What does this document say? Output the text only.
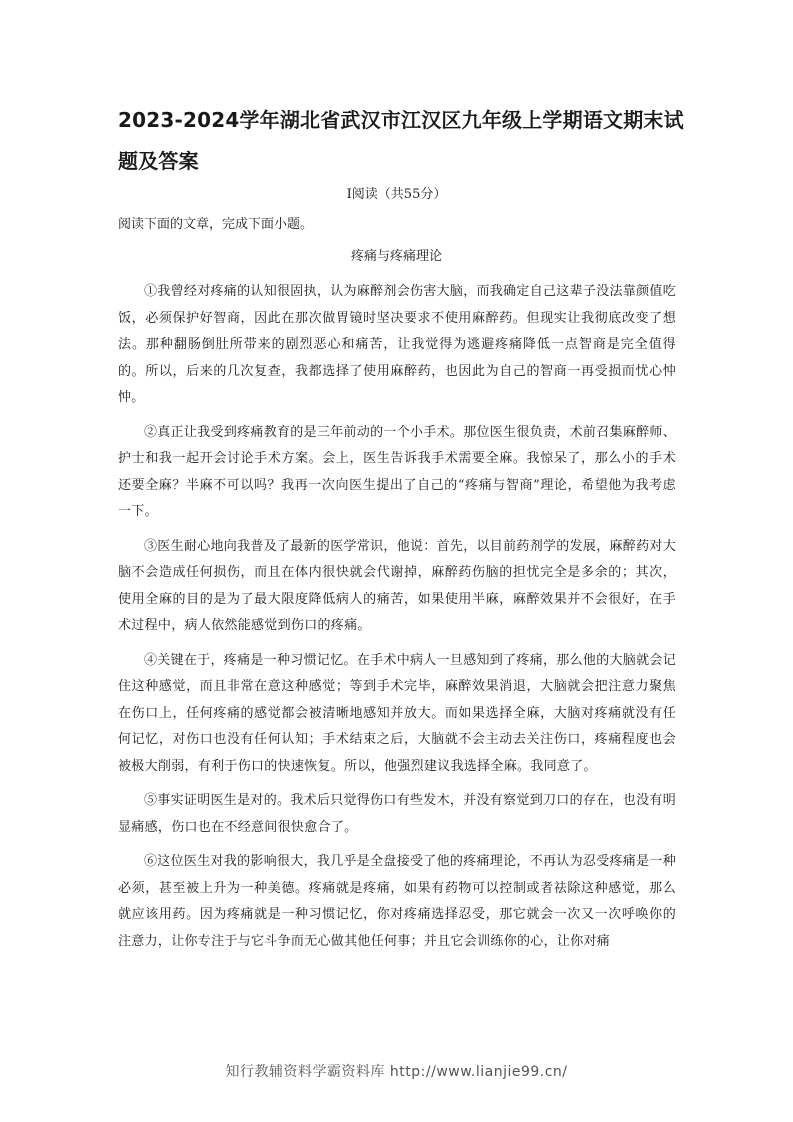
2023-2024学年湖北省武汉市江汉区九年级上学期语文期末试题及答案
I阅读（共55分）

阅读下面的文章，完成下面小题。

疼痛与疼痛理论

①我曾经对疼痛的认知很固执，认为麻醉剂会伤害大脑，而我确定自己这辈子没法靠颜值吃饭，必须保护好智商，因此在那次做胃镜时坚决要求不使用麻醉药。但现实让我彻底改变了想法。那种翻肠倒肚所带来的剧烈恶心和痛苦，让我觉得为逃避疼痛降低一点智商是完全值得的。所以，后来的几次复查，我都选择了使用麻醉药，也因此为自己的智商一再受损而忧心忡忡。

②真正让我受到疼痛教育的是三年前动的一个小手术。那位医生很负责，术前召集麻醉师、护士和我一起开会讨论手术方案。会上，医生告诉我手术需要全麻。我惊呆了，那么小的手术还要全麻？半麻不可以吗？我再一次向医生提出了自己的“疼痛与智商”理论，希望他为我考虑一下。

③医生耐心地向我普及了最新的医学常识，他说：首先，以目前药剂学的发展，麻醉药对大脑不会造成任何损伤，而且在体内很快就会代谢掉，麻醉药伤脑的担忧完全是多余的；其次，使用全麻的目的是为了最大限度降低病人的痛苦，如果使用半麻，麻醉效果并不会很好，在手术过程中，病人依然能感觉到伤口的疼痛。

④关键在于，疼痛是一种习惯记忆。在手术中病人一旦感知到了疼痛，那么他的大脑就会记住这种感觉，而且非常在意这种感觉；等到手术完毕，麻醉效果消退，大脑就会把注意力聚焦在伤口上，任何疼痛的感觉都会被清晰地感知并放大。而如果选择全麻，大脑对疼痛就没有任何记忆，对伤口也没有任何认知；手术结束之后，大脑就不会主动去关注伤口，疼痛程度也会被极大削弱，有利于伤口的快速恢复。所以，他强烈建议我选择全麻。我同意了。

⑤事实证明医生是对的。我术后只觉得伤口有些发木，并没有察觉到刀口的存在，也没有明显痛感，伤口也在不经意间很快愈合了。

⑥这位医生对我的影响很大，我几乎是全盘接受了他的疼痛理论，不再认为忍受疼痛是一种必须，甚至被上升为一种美德。疼痛就是疼痛，如果有药物可以控制或者祛除这种感觉，那么就应该用药。因为疼痛就是一种习惯记忆，你对疼痛选择忍受，那它就会一次又一次呼唤你的注意力，让你专注于与它斗争而无心做其他任何事；并且它会训练你的心，让你对痛

知行教辅资料学霸资料库 http://www.lianjie99.cn/
